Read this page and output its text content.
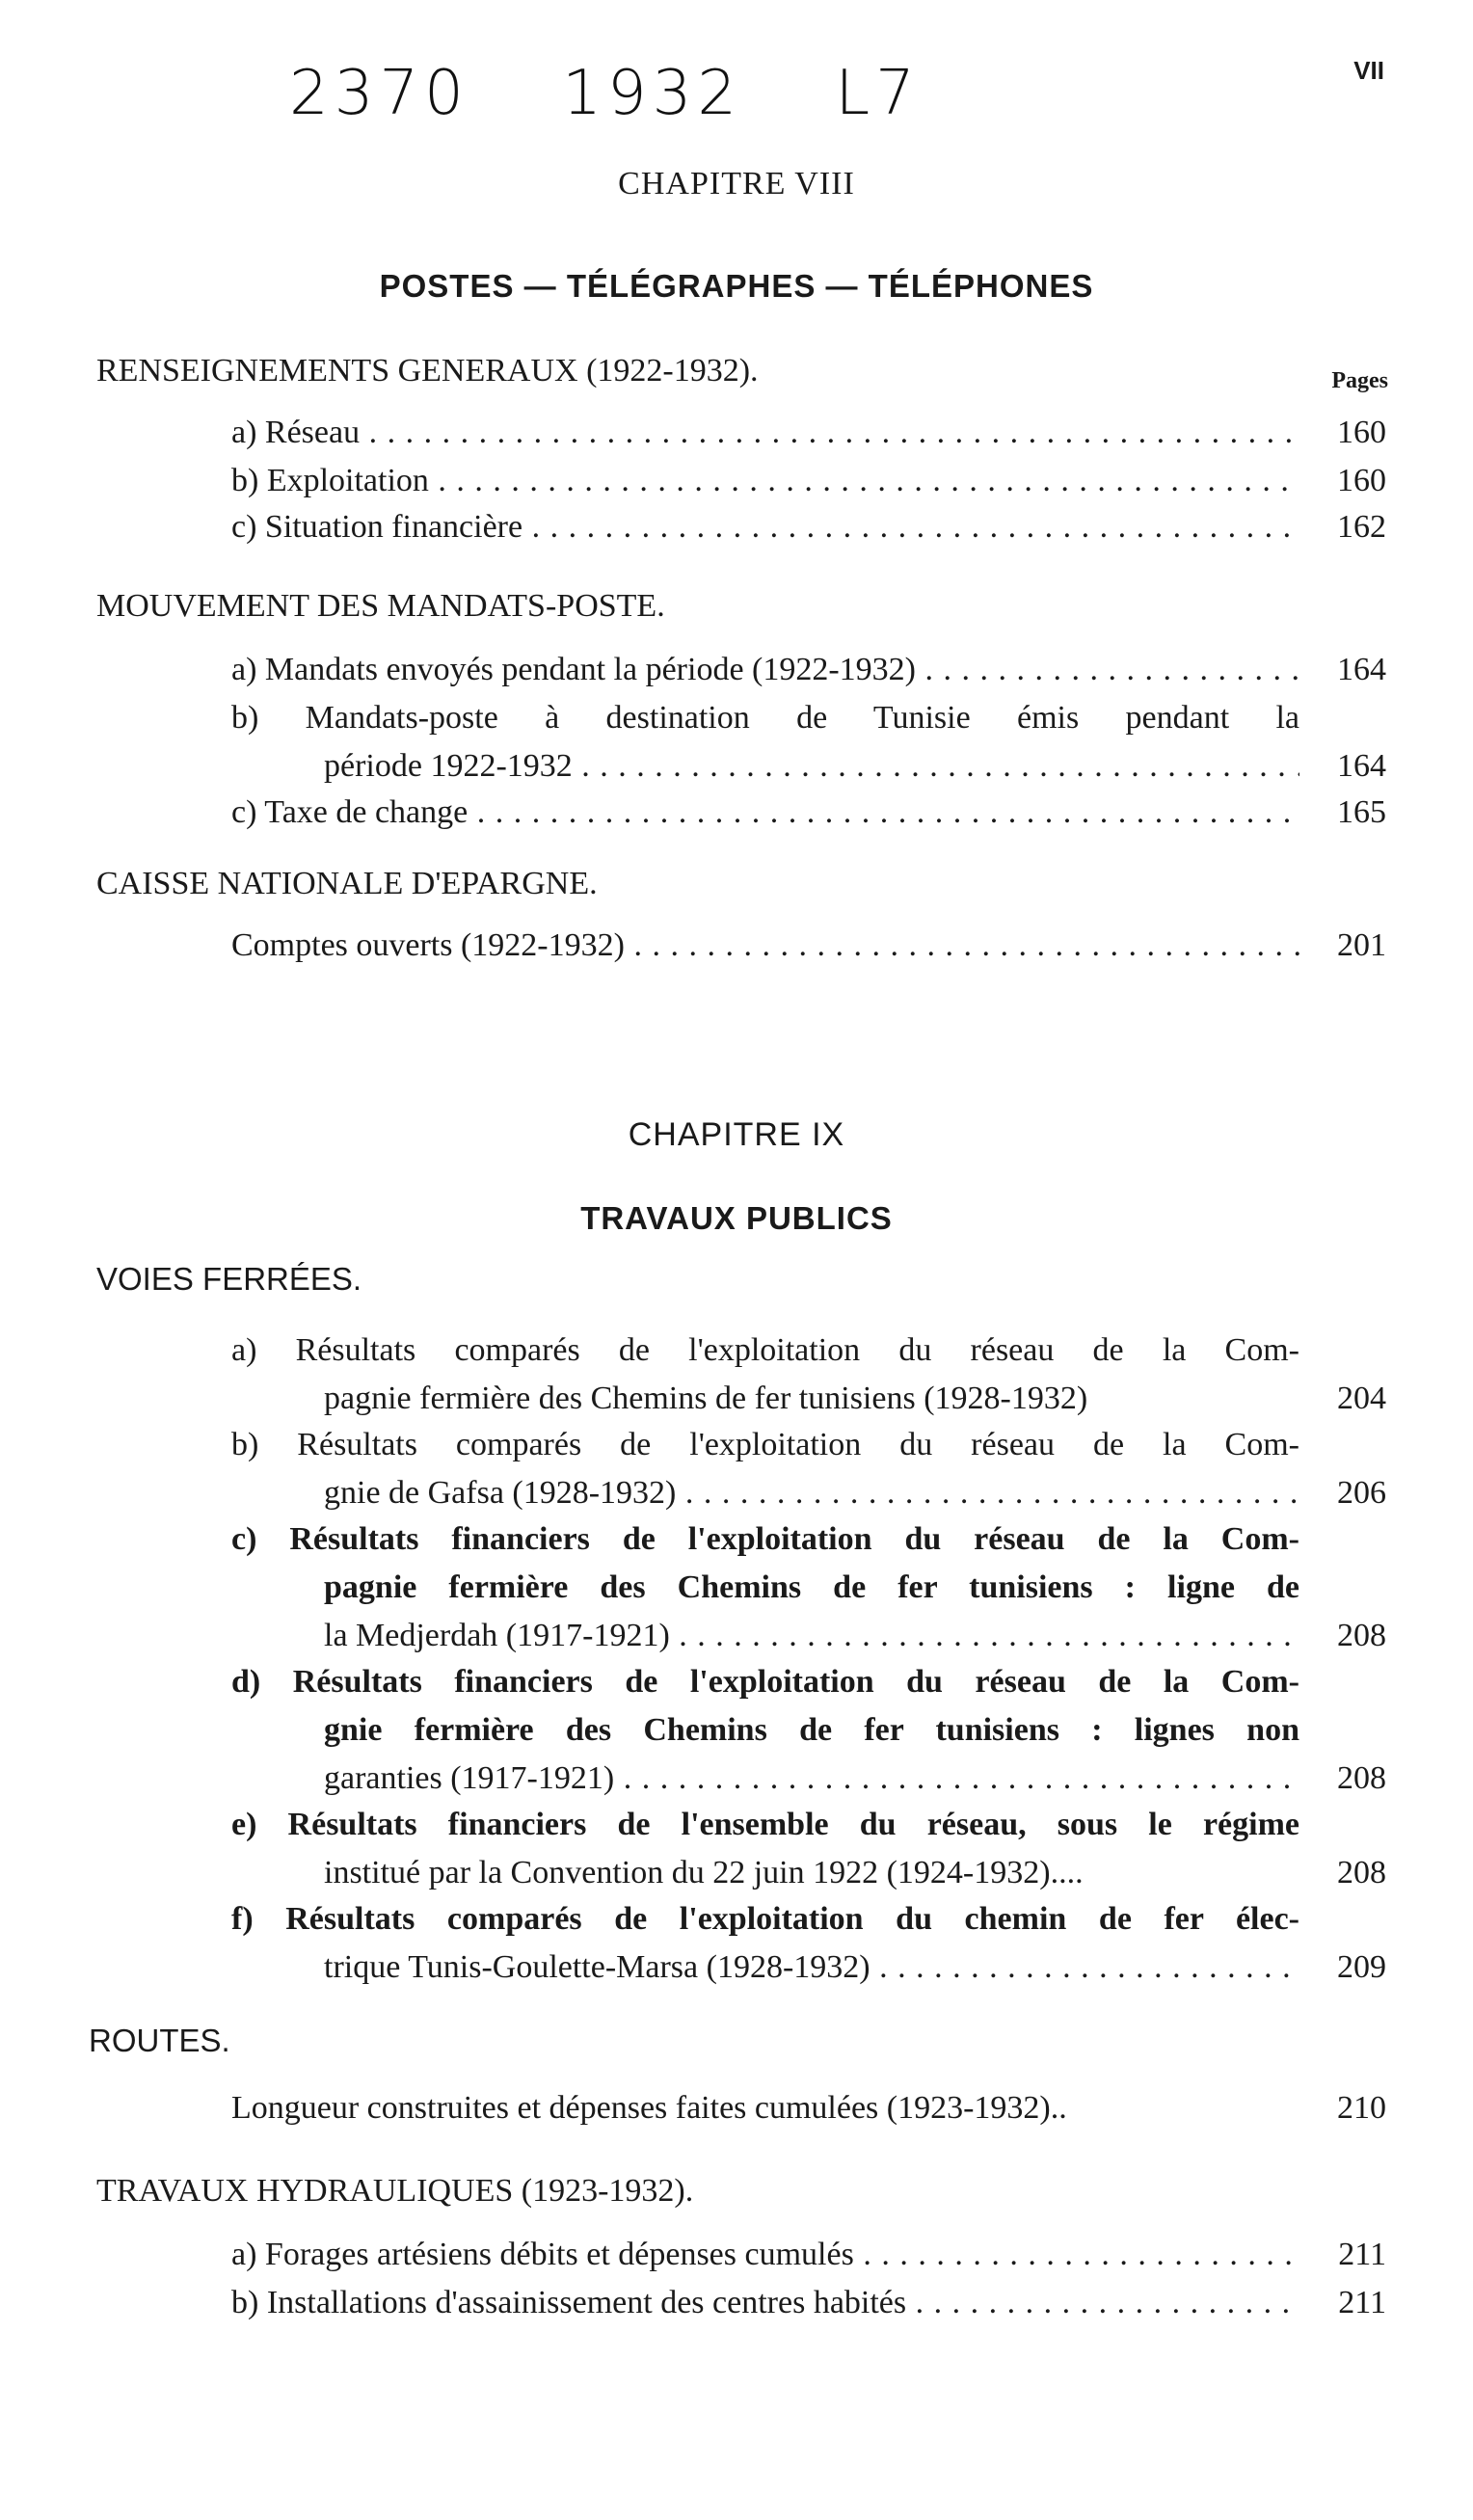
2370 1932 L7	VII
CHAPITRE VIII
POSTES — TÉLÉGRAPHES — TÉLÉPHONES
RENSEIGNEMENTS GENERAUX (1922-1932).	Pages
a) Réseau . . .	160
b) Exploitation . . .	160
c) Situation financière . . .	162
MOUVEMENT DES MANDATS-POSTE.
a) Mandats envoyés pendant la période (1922-1932) . . .	164
b) Mandats-poste à destination de Tunisie émis pendant la
période 1922-1932 . . .	164
c) Taxe de change . . .	165
CAISSE NATIONALE D'EPARGNE.
Comptes ouverts (1922-1932) . . .	201
CHAPITRE IX
TRAVAUX PUBLICS
VOIES FERRÉES.
a) Résultats comparés de l'exploitation du réseau de la Com-
pagnie fermière des Chemins de fer tunisiens (1928-1932)	204
b) Résultats comparés de l'exploitation du réseau de la Com-
gnie de Gafsa (1928-1932) . . .	206
c) Résultats financiers de l'exploitation du réseau de la Com-
pagnie fermière des Chemins de fer tunisiens : ligne de
la Medjerdah (1917-1921) . . .	208
d) Résultats financiers de l'exploitation du réseau de la Com-
gnie fermière des Chemins de fer tunisiens : lignes non
garanties (1917-1921) . . .	208
e) Résultats financiers de l'ensemble du réseau, sous le régime
institué par la Convention du 22 juin 1922 (1924-1932)....	208
f) Résultats comparés de l'exploitation du chemin de fer élec-
trique Tunis-Goulette-Marsa (1928-1932) . . .	209
ROUTES.
Longueur construites et dépenses faites cumulées (1923-1932)..	210
TRAVAUX HYDRAULIQUES (1923-1932).
a) Forages artésiens débits et dépenses cumulés . . .	211
b) Installations d'assainissement des centres habités . . .	211
